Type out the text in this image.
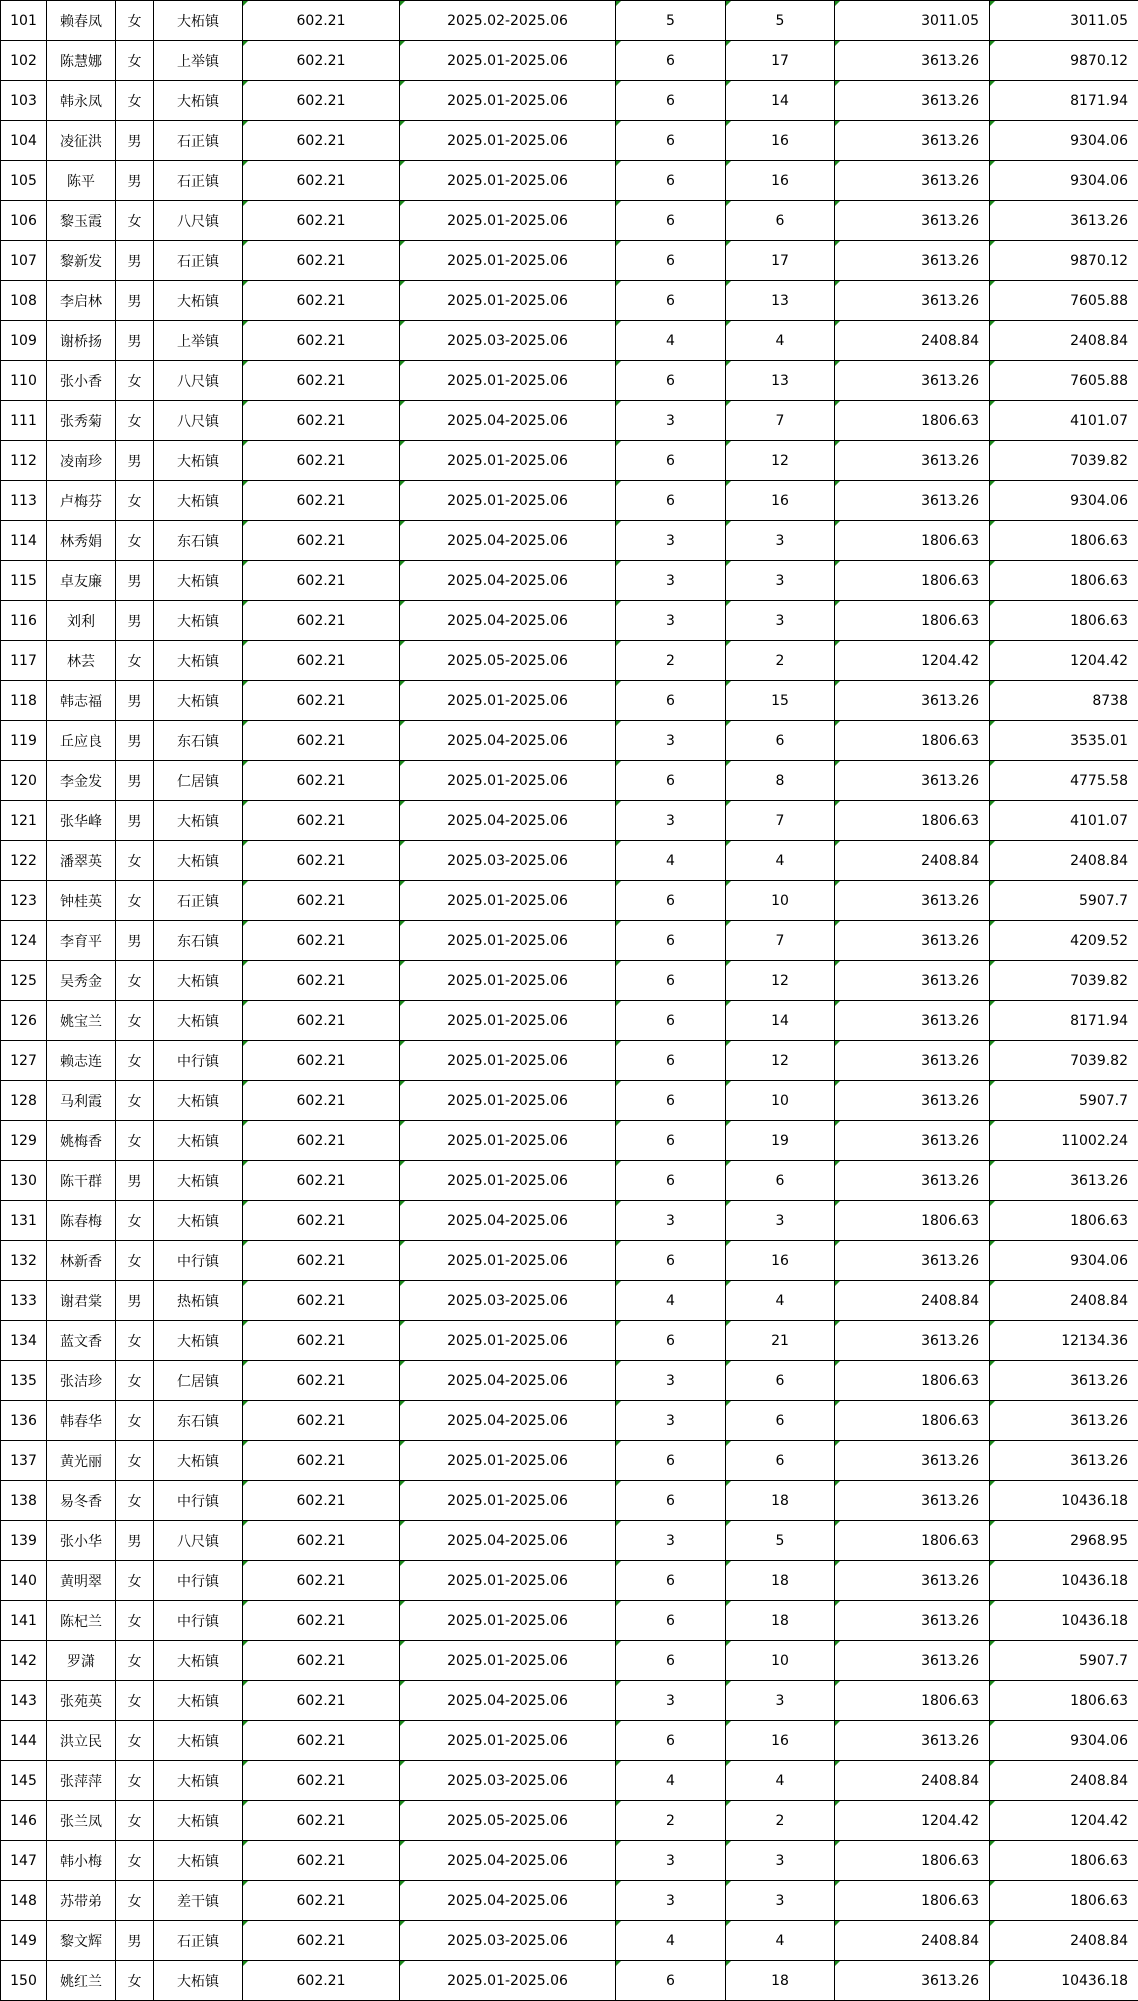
101	赖春凤	女	大柘镇	602.21	2025.02-2025.06	5	5	3011.05	3011.05
102	陈慧娜	女	上举镇	602.21	2025.01-2025.06	6	17	3613.26	9870.12
103	韩永凤	女	大柘镇	602.21	2025.01-2025.06	6	14	3613.26	8171.94
104	凌征洪	男	石正镇	602.21	2025.01-2025.06	6	16	3613.26	9304.06
105	陈平	男	石正镇	602.21	2025.01-2025.06	6	16	3613.26	9304.06
106	黎玉霞	女	八尺镇	602.21	2025.01-2025.06	6	6	3613.26	3613.26
107	黎新发	男	石正镇	602.21	2025.01-2025.06	6	17	3613.26	9870.12
108	李启林	男	大柘镇	602.21	2025.01-2025.06	6	13	3613.26	7605.88
109	谢桥扬	男	上举镇	602.21	2025.03-2025.06	4	4	2408.84	2408.84
110	张小香	女	八尺镇	602.21	2025.01-2025.06	6	13	3613.26	7605.88
111	张秀菊	女	八尺镇	602.21	2025.04-2025.06	3	7	1806.63	4101.07
112	凌南珍	男	大柘镇	602.21	2025.01-2025.06	6	12	3613.26	7039.82
113	卢梅芬	女	大柘镇	602.21	2025.01-2025.06	6	16	3613.26	9304.06
114	林秀娟	女	东石镇	602.21	2025.04-2025.06	3	3	1806.63	1806.63
115	卓友廉	男	大柘镇	602.21	2025.04-2025.06	3	3	1806.63	1806.63
116	刘利	男	大柘镇	602.21	2025.04-2025.06	3	3	1806.63	1806.63
117	林芸	女	大柘镇	602.21	2025.05-2025.06	2	2	1204.42	1204.42
118	韩志福	男	大柘镇	602.21	2025.01-2025.06	6	15	3613.26	8738
119	丘应良	男	东石镇	602.21	2025.04-2025.06	3	6	1806.63	3535.01
120	李金发	男	仁居镇	602.21	2025.01-2025.06	6	8	3613.26	4775.58
121	张华峰	男	大柘镇	602.21	2025.04-2025.06	3	7	1806.63	4101.07
122	潘翠英	女	大柘镇	602.21	2025.03-2025.06	4	4	2408.84	2408.84
123	钟桂英	女	石正镇	602.21	2025.01-2025.06	6	10	3613.26	5907.7
124	李育平	男	东石镇	602.21	2025.01-2025.06	6	7	3613.26	4209.52
125	吴秀金	女	大柘镇	602.21	2025.01-2025.06	6	12	3613.26	7039.82
126	姚宝兰	女	大柘镇	602.21	2025.01-2025.06	6	14	3613.26	8171.94
127	赖志连	女	中行镇	602.21	2025.01-2025.06	6	12	3613.26	7039.82
128	马利霞	女	大柘镇	602.21	2025.01-2025.06	6	10	3613.26	5907.7
129	姚梅香	女	大柘镇	602.21	2025.01-2025.06	6	19	3613.26	11002.24
130	陈干群	男	大柘镇	602.21	2025.01-2025.06	6	6	3613.26	3613.26
131	陈春梅	女	大柘镇	602.21	2025.04-2025.06	3	3	1806.63	1806.63
132	林新香	女	中行镇	602.21	2025.01-2025.06	6	16	3613.26	9304.06
133	谢君棠	男	热柘镇	602.21	2025.03-2025.06	4	4	2408.84	2408.84
134	蓝文香	女	大柘镇	602.21	2025.01-2025.06	6	21	3613.26	12134.36
135	张洁珍	女	仁居镇	602.21	2025.04-2025.06	3	6	1806.63	3613.26
136	韩春华	女	东石镇	602.21	2025.04-2025.06	3	6	1806.63	3613.26
137	黄光丽	女	大柘镇	602.21	2025.01-2025.06	6	6	3613.26	3613.26
138	易冬香	女	中行镇	602.21	2025.01-2025.06	6	18	3613.26	10436.18
139	张小华	男	八尺镇	602.21	2025.04-2025.06	3	5	1806.63	2968.95
140	黄明翠	女	中行镇	602.21	2025.01-2025.06	6	18	3613.26	10436.18
141	陈杞兰	女	中行镇	602.21	2025.01-2025.06	6	18	3613.26	10436.18
142	罗潇	女	大柘镇	602.21	2025.01-2025.06	6	10	3613.26	5907.7
143	张苑英	女	大柘镇	602.21	2025.04-2025.06	3	3	1806.63	1806.63
144	洪立民	女	大柘镇	602.21	2025.01-2025.06	6	16	3613.26	9304.06
145	张萍萍	女	大柘镇	602.21	2025.03-2025.06	4	4	2408.84	2408.84
146	张兰凤	女	大柘镇	602.21	2025.05-2025.06	2	2	1204.42	1204.42
147	韩小梅	女	大柘镇	602.21	2025.04-2025.06	3	3	1806.63	1806.63
148	苏带弟	女	差干镇	602.21	2025.04-2025.06	3	3	1806.63	1806.63
149	黎文辉	男	石正镇	602.21	2025.03-2025.06	4	4	2408.84	2408.84
150	姚红兰	女	大柘镇	602.21	2025.01-2025.06	6	18	3613.26	10436.18
